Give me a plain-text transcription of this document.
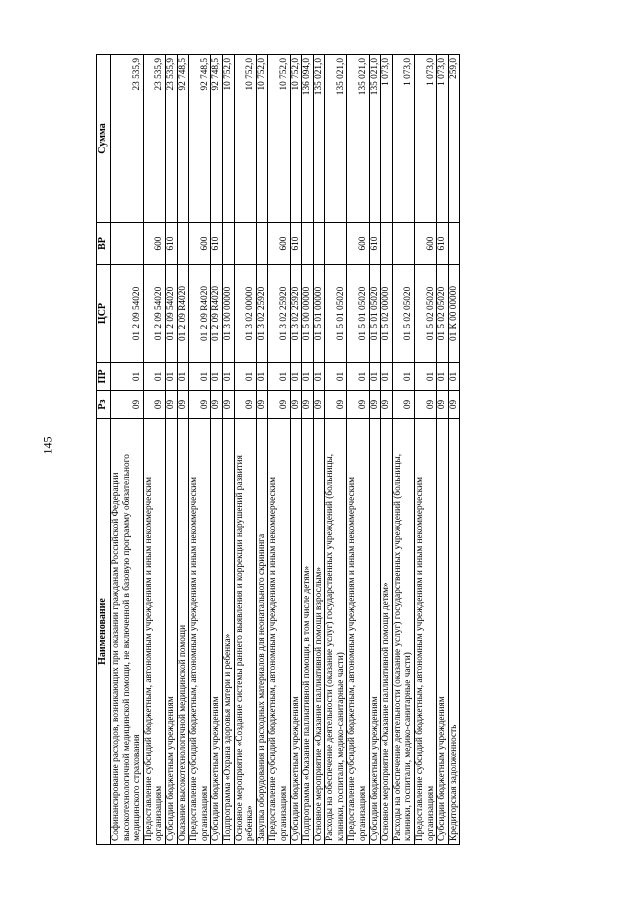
145
Наименование	Рз	ПР	ЦСР	ВР	Сумма
Софинансирование расходов, возникающих при оказании гражданам Российской Федерации высокотехнологичной медицинской помощи, не включенной в базовую программу обязательного медицинского страхования	09	01	01 2 09 54020		23 535,9
Предоставление субсидий бюджетным, автономным учреждениям и иным некоммерческим организациям	09	01	01 2 09 54020	600	23 535,9
Субсидии бюджетным учреждениям	09	01	01 2 09 54020	610	23 535,9
Оказание высокотехнологичной медицинской помощи	09	01	01 2 09 R4020		92 748,5
Предоставление субсидий бюджетным, автономным учреждениям и иным некоммерческим организациям	09	01	01 2 09 R4020	600	92 748,5
Субсидии бюджетным учреждениям	09	01	01 2 09 R4020	610	92 748,5
Подпрограмма «Охрана здоровья матери и ребенка»	09	01	01 3 00 00000		10 752,0
Основное мероприятие «Создание системы раннего выявления и коррекции нарушений развития ребенка»	09	01	01 3 02 00000		10 752,0
Закупка оборудования и расходных материалов для неонатального скрининга	09	01	01 3 02 25920		10 752,0
Предоставление субсидий бюджетным, автономным учреждениям и иным некоммерческим организациям	09	01	01 3 02 25920	600	10 752,0
Субсидии бюджетным учреждениям	09	01	01 3 02 25920	610	10 752,0
Подпрограмма «Оказание паллиативной помощи, в том числе детям»	09	01	01 5 00 00000		136 094,0
Основное мероприятие «Оказание паллиативной помощи взрослым»	09	01	01 5 01 00000		135 021,0
Расходы на обеспечение деятельности (оказание услуг) государственных учреждений (больницы, клиники, госпитали, медико-санитарные части)	09	01	01 5 01 05020		135 021,0
Предоставление субсидий бюджетным, автономным учреждениям и иным некоммерческим организациям	09	01	01 5 01 05020	600	135 021,0
Субсидии бюджетным учреждениям	09	01	01 5 01 05020	610	135 021,0
Основное мероприятие «Оказание паллиативной помощи детям»	09	01	01 5 02 00000		1 073,0
Расходы на обеспечение деятельности (оказание услуг) государственных учреждений (больницы, клиники, госпитали, медико-санитарные части)	09	01	01 5 02 05020		1 073,0
Предоставление субсидий бюджетным, автономным учреждениям и иным некоммерческим организациям	09	01	01 5 02 05020	600	1 073,0
Субсидии бюджетным учреждениям	09	01	01 5 02 05020	610	1 073,0
Кредиторская задолженность	09	01	01 К 00 00000		259,0
